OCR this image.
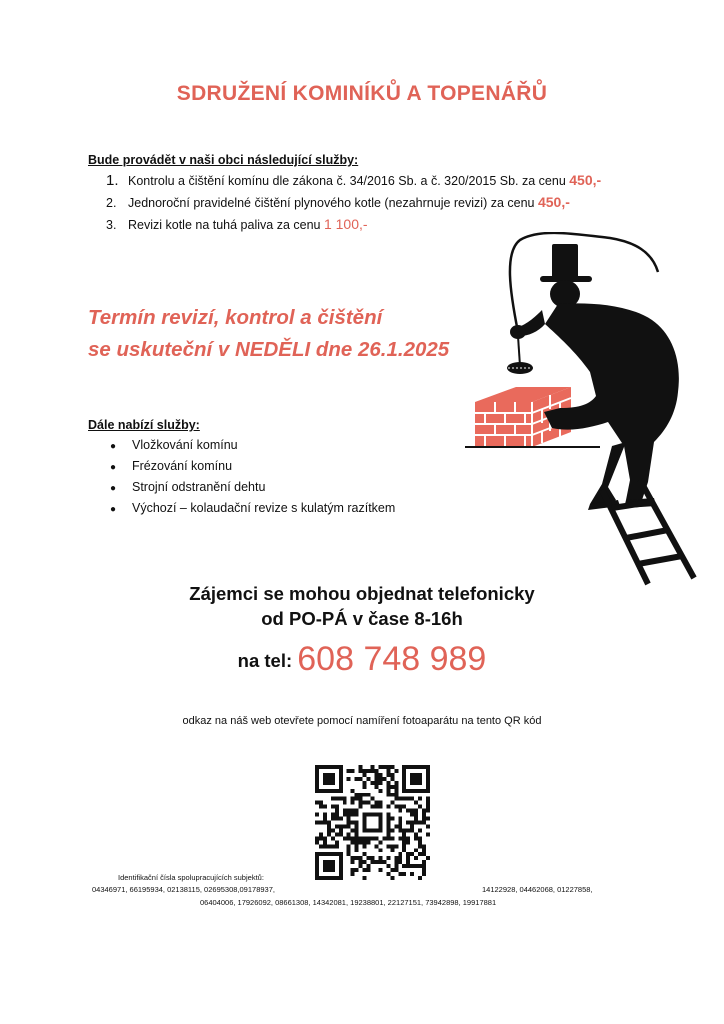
SDRUŽENÍ KOMINÍKŮ A TOPENÁŘŮ
Bude provádět v naši obci následující služby:
1. Kontrolu a čištění komínu dle zákona č. 34/2016 Sb. a č. 320/2015 Sb. za cenu 450,-
2. Jednoroční pravidelné čištění plynového kotle (nezahrnuje revizi) za cenu 450,-
3. Revizi kotle na tuhá paliva za cenu 1 100,-
Termín revizí, kontrol a čištění
se uskuteční v NEDĚLI dne 26.1.2025
Dále nabízí služby:
● Vložkování komínu
● Frézování komínu
● Strojní odstranění dehtu
● Výchozí – kolaudační revize s kulatým razítkem
Zájemci se mohou objednat telefonicky
od PO-PÁ v čase 8-16h
na tel: 608 748 989
odkaz na náš web otevřete pomocí namíření fotoaparátu na tento QR kód
Identifikační čísla spolupracujících subjektů:
04346971, 66195934, 02138115, 02695308,09178937,	14122928, 04462068, 01227858,
06404006, 17926092, 08661308, 14342081, 19238801, 22127151, 73942898, 19917881
